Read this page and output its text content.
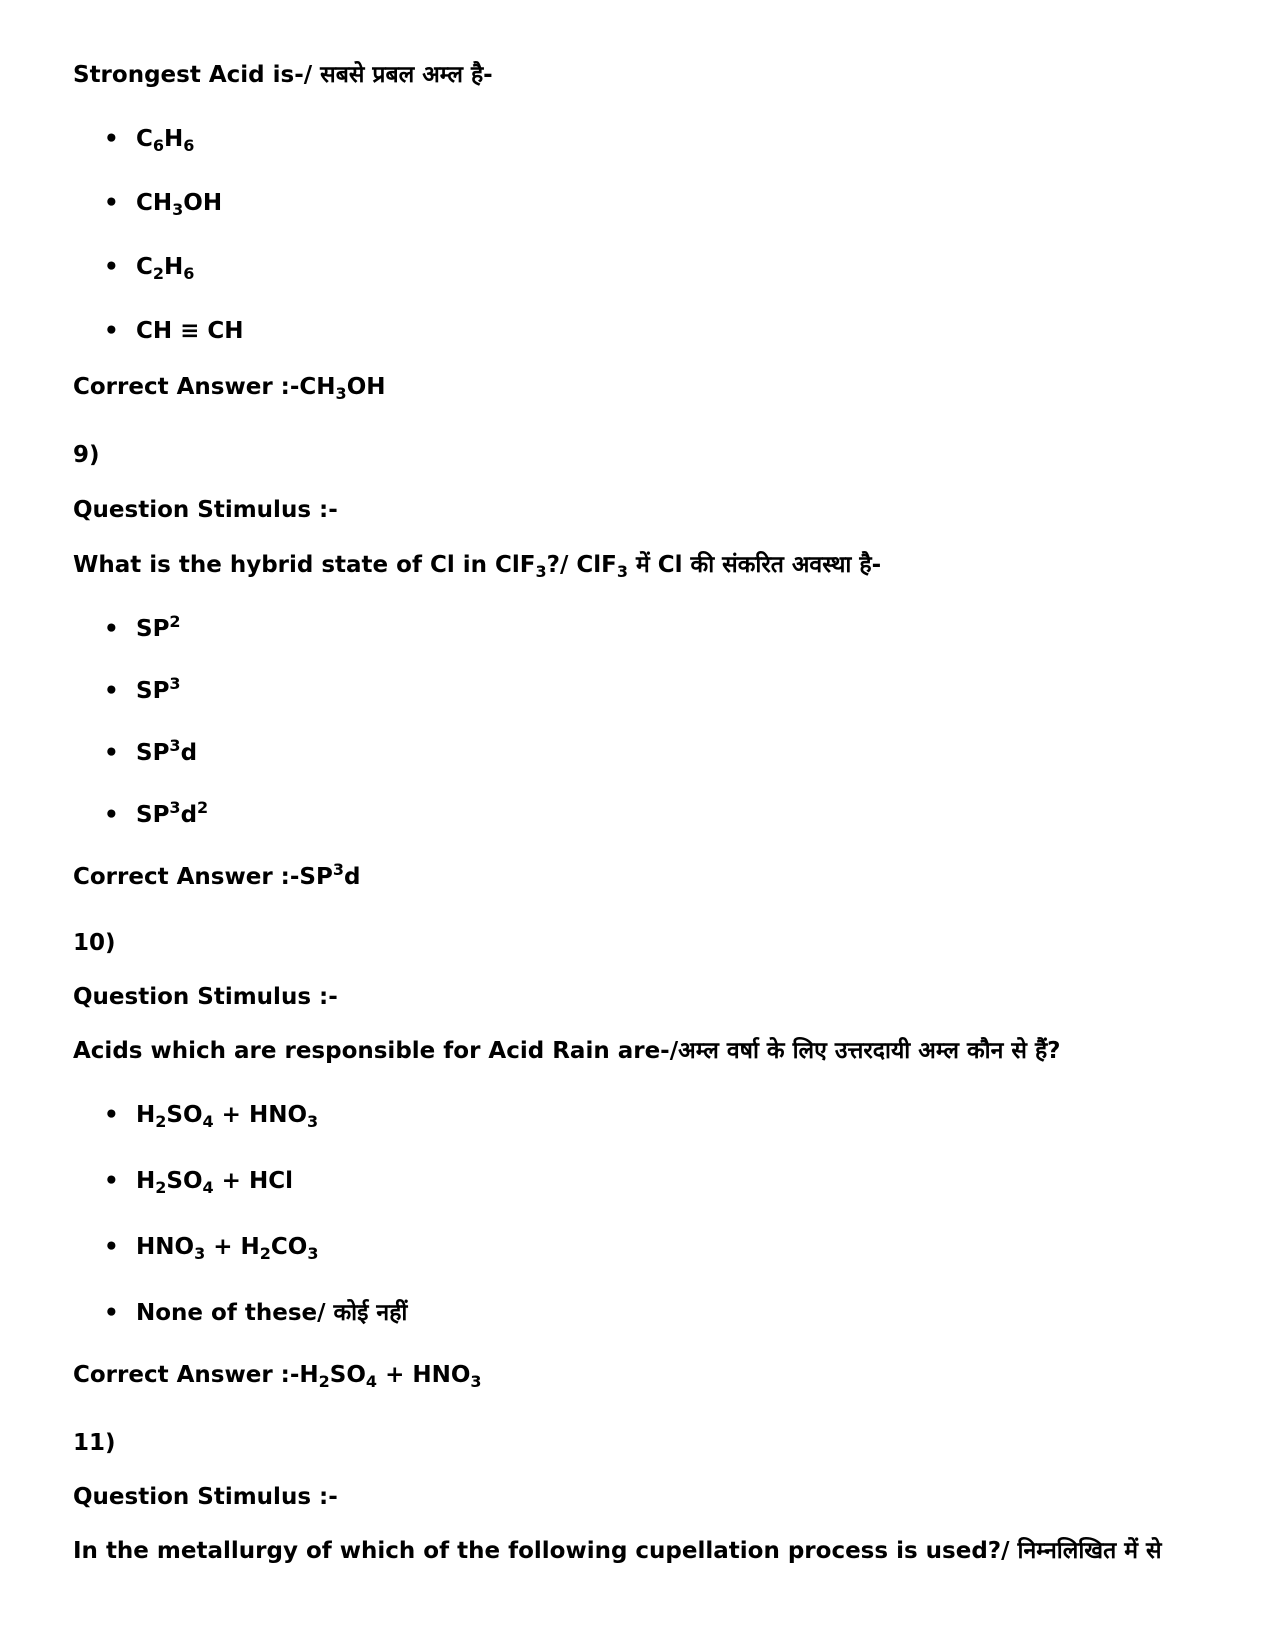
Strongest Acid is-/ सबसे प्रबल अम्ल है-
• $C_6H_6$
• $CH_3OH$
• $C_2H_6$
• CH ≡ CH
Correct Answer $:-CH_3OH$
9)
Question Stimulus :-
What is the hybrid state of Cl in ClF$_3$?/ ClF$_3$ में Cl की संकरित अवस्था है-
• $SP^2$
• $SP^3$
• $SP^3d$
• $SP^3d^2$
Correct Answer $:-SP^3d$
10)
Question Stimulus :-
Acids which are responsible for Acid Rain are-/अम्ल वर्षा के लिए उत्तरदायी अम्ल कौन से हैं?
• $H_2SO_4 + HNO_3$
• $H_2SO_4$ + HCl
• $HNO_3 + H_2CO_3$
• None of these/ कोई नहीं
Correct Answer $:-H_2SO_4 + HNO_3$
11)
Question Stimulus :-
In the metallurgy of which of the following cupellation process is used?/ निम्नलिखित में से
